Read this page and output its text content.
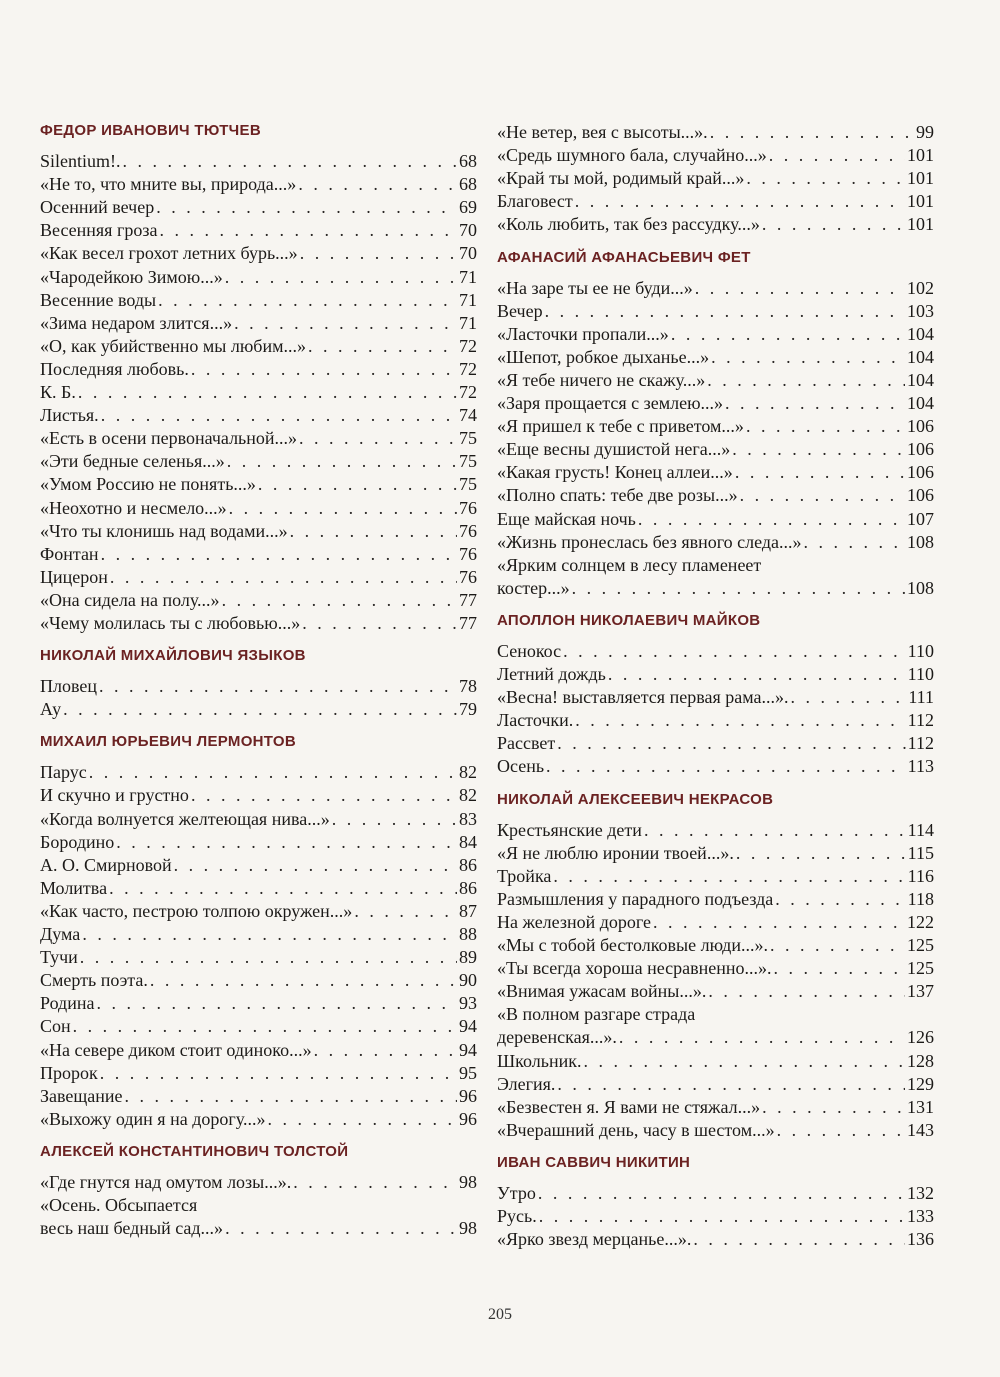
ФЕДОР ИВАНОВИЧ ТЮТЧЕВ
Silentium!. . . .	68
«Не то, что мните вы, природа...» . . .	68
Осенний вечер . . .	69
Весенняя гроза . . .	70
«Как весел грохот летних бурь...» . . .	70
«Чародейкою Зимою...» . . .	71
Весенние воды . . .	71
«Зима недаром злится...» . . .	71
«О, как убийственно мы любим...» . . .	72
Последняя любовь. . . .	72
К. Б. . . .	72
Листья. . . .	74
«Есть в осени первоначальной...» . . .	75
«Эти бедные селенья...» . . .	75
«Умом Россию не понять...» . . .	75
«Неохотно и несмело...» . . .	76
«Что ты клонишь над водами...» . . .	76
Фонтан . . .	76
Цицерон . . .	76
«Она сидела на полу...» . . .	77
«Чему молилась ты с любовью...» . . .	77
НИКОЛАЙ МИХАЙЛОВИЧ ЯЗЫКОВ
Пловец . . .	78
Ау . . .	79
МИХАИЛ ЮРЬЕВИЧ ЛЕРМОНТОВ
Парус . . .	82
И скучно и грустно . . .	82
«Когда волнуется желтеющая нива...» . . .	83
Бородино . . .	84
А. О. Смирновой . . .	86
Молитва . . .	86
«Как часто, пестрою толпою окружен...» . . .	87
Дума . . .	88
Тучи . . .	89
Смерть поэта. . . .	90
Родина . . .	93
Сон . . .	94
«На севере диком стоит одиноко...» . . .	94
Пророк . . .	95
Завещание . . .	96
«Выхожу один я на дорогу...» . . .	96
АЛЕКСЕЙ КОНСТАНТИНОВИЧ ТОЛСТОЙ
«Где гнутся над омутом лозы...». . . .	98
«Осень. Обсыпается
весь наш бедный сад...» . . .	98
«Не ветер, вея с высоты...». . . .	99
«Средь шумного бала, случайно...» . . .	101
«Край ты мой, родимый край...» . . .	101
Благовест . . .	101
«Коль любить, так без рассудку...» . . .	101
АФАНАСИЙ АФАНАСЬЕВИЧ ФЕТ
«На заре ты ее не буди...» . . .	102
Вечер . . .	103
«Ласточки пропали...» . . .	104
«Шепот, робкое дыханье...» . . .	104
«Я тебе ничего не скажу...» . . .	104
«Заря прощается с землею...» . . .	104
«Я пришел к тебе с приветом...» . . .	106
«Еще весны душистой нега...» . . .	106
«Какая грусть! Конец аллеи...» . . .	106
«Полно спать: тебе две розы...» . . .	106
Еще майская ночь . . .	107
«Жизнь пронеслась без явного следа...» . . .	108
«Ярким солнцем в лесу пламенеет
костер...» . . .	108
АПОЛЛОН НИКОЛАЕВИЧ МАЙКОВ
Сенокос . . .	110
Летний дождь . . .	110
«Весна! выставляется первая рама...». . . .	111
Ласточки. . . .	112
Рассвет . . .	112
Осень . . .	113
НИКОЛАЙ АЛЕКСЕЕВИЧ НЕКРАСОВ
Крестьянские дети . . .	114
«Я не люблю иронии твоей...». . . .	115
Тройка . . .	116
Размышления у парадного подъезда . . .	118
На железной дороге . . .	122
«Мы с тобой бестолковые люди...». . . .	125
«Ты всегда хороша несравненно...». . . .	125
«Внимая ужасам войны...». . . .	137
«В полном разгаре страда
деревенская...». . . .	126
Школьник. . . .	128
Элегия. . . .	129
«Безвестен я. Я вами не стяжал...» . . .	131
«Вчерашний день, часу в шестом...» . . .	143
ИВАН САВВИЧ НИКИТИН
Утро . . .	132
Русь. . . .	133
«Ярко звезд мерцанье...». . . .	136
205
